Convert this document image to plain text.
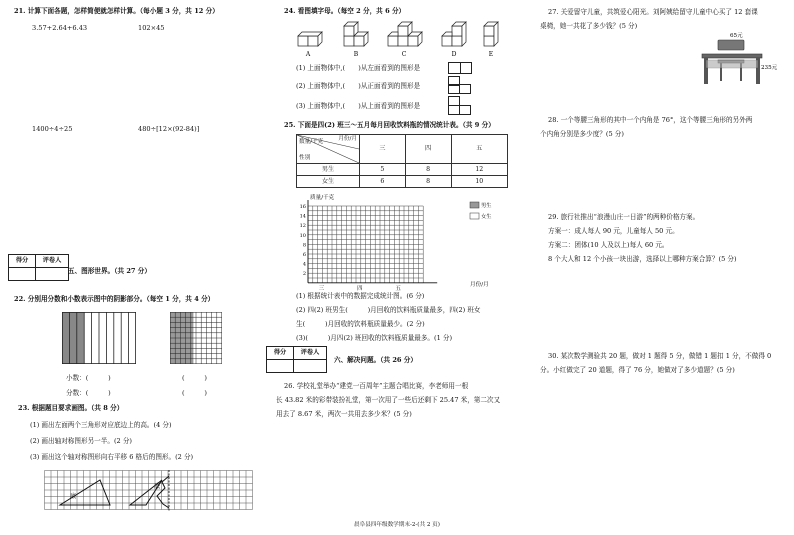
21. 计算下面各题，怎样简便就怎样计算。（每小题 3 分，共 12 分）
3.57+2.64+6.43	102×45
1400÷4÷25	480÷[12×(92-84)]
得分	评卷人

五、图形世界。（共 27 分）
22. 分别用分数和小数表示图中的阴影部分。（每空 1 分，共 4 分）
小数：(　　　)	(　　　)
分数：(　　　)	(　　　)
23. 根据题目要求画图。（共 8 分）
(1) 画出左面两个三角形对应底边上的高。(4 分)
(2) 画出轴对称图形另一半。(2 分)
(3) 画出这个轴对称图形向右平移 6 格后的图形。(2 分)
底
底
24. 看图填字母。（每空 2 分，共 6 分）
A	B	C	D	E
(1) 上面物体中,(　　)从左面看到的图形是
(2) 上面物体中,(　　)从正面看到的图形是
(3) 上面物体中,(　　)从上面看到的图形是
25. 下面是四(2) 班三～五月每月回收饮料瓶的情况统计表。（共 9 分）
数量/千克 月份/月
性别	三	四	五
男生	5	8	12
女生	6	8	10
2
4
6
8
10
12
14
16
三	四	五
质量/千克
月份/月
男生
女生
(1) 根据统计表中的数据完成统计图。(6 分)
(2) 四(2) 班男生(　　　)月回收的饮料瓶质量最多，四(2) 班女
生(　　　)月回收的饮料瓶质量最少。(2 分)
(3)(　　　)月四(2) 班回收的饮料瓶质量最多。(1 分)
得分	评卷人

六、解决问题。（共 26 分）
26. 学校礼堂举办“建党一百周年”主题合唱比赛，李老师用一根
长 43.82 米的彩带装扮礼堂，第一次用了一些后还剩下 25.47 米，第二次又
用去了 8.67 米，两次一共用去多少米？(5 分)
27. 关爱留守儿童，共筑爱心阳光。刘阿姨给留守儿童中心买了 12 套课
桌椅，她一共花了多少钱？(5 分)
65元
235元
28. 一个等腰三角形的其中一个内角是 76°，这个等腰三角形的另外两
个内角分别是多少度？(5 分)
29. 旅行社推出“浪漫山庄一日游”的两种价格方案。
方案一：成人每人 90 元，儿童每人 50 元。
方案二：团体(10 人及以上)每人 60 元。
8 个大人和 12 个小孩一块出游，选择以上哪种方案合算？(5 分)
30. 某次数学测验共 20 题，做对 1 题得 5 分，做错 1 题扣 1 分，不做得 0
分。小红做完了 20 道题，得了 76 分，她做对了多少道题？(5 分)
晨阜县四年级数学期末-2-(共 2 页)
